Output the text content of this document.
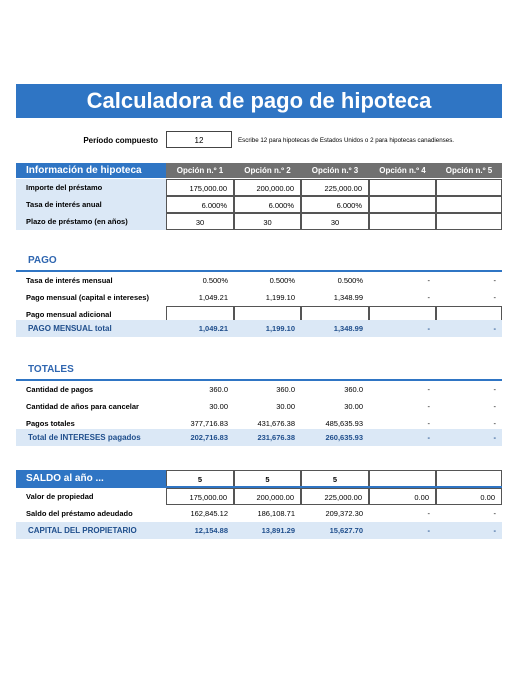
Calculadora de pago de hipoteca
Período compuesto	12	Escribe 12 para hipotecas de Estados Unidos o 2 para hipotecas canadienses.
Información de hipoteca	Opción n.º 1	Opción n.º 2	Opción n.º 3	Opción n.º 4	Opción n.º 5
Importe del préstamo	175,000.00	200,000.00	225,000.00
Tasa de interés anual	6.000%	6.000%	6.000%
Plazo de préstamo (en años)	30	30	30
PAGO
Tasa de interés mensual	0.500%	0.500%	0.500%	-	-
Pago mensual (capital e intereses)	1,049.21	1,199.10	1,348.99	-	-
Pago mensual adicional
PAGO MENSUAL total	1,049.21	1,199.10	1,348.99	-	-
TOTALES
Cantidad de pagos	360.0	360.0	360.0	-	-
Cantidad de años para cancelar	30.00	30.00	30.00	-	-
Pagos totales	377,716.83	431,676.38	485,635.93	-	-
Total de INTERESES pagados	202,716.83	231,676.38	260,635.93	-	-
SALDO al año ...	5	5	5
Valor de propiedad	175,000.00	200,000.00	225,000.00	0.00	0.00
Saldo del préstamo adeudado	162,845.12	186,108.71	209,372.30	-	-
CAPITAL DEL PROPIETARIO	12,154.88	13,891.29	15,627.70	-	-
